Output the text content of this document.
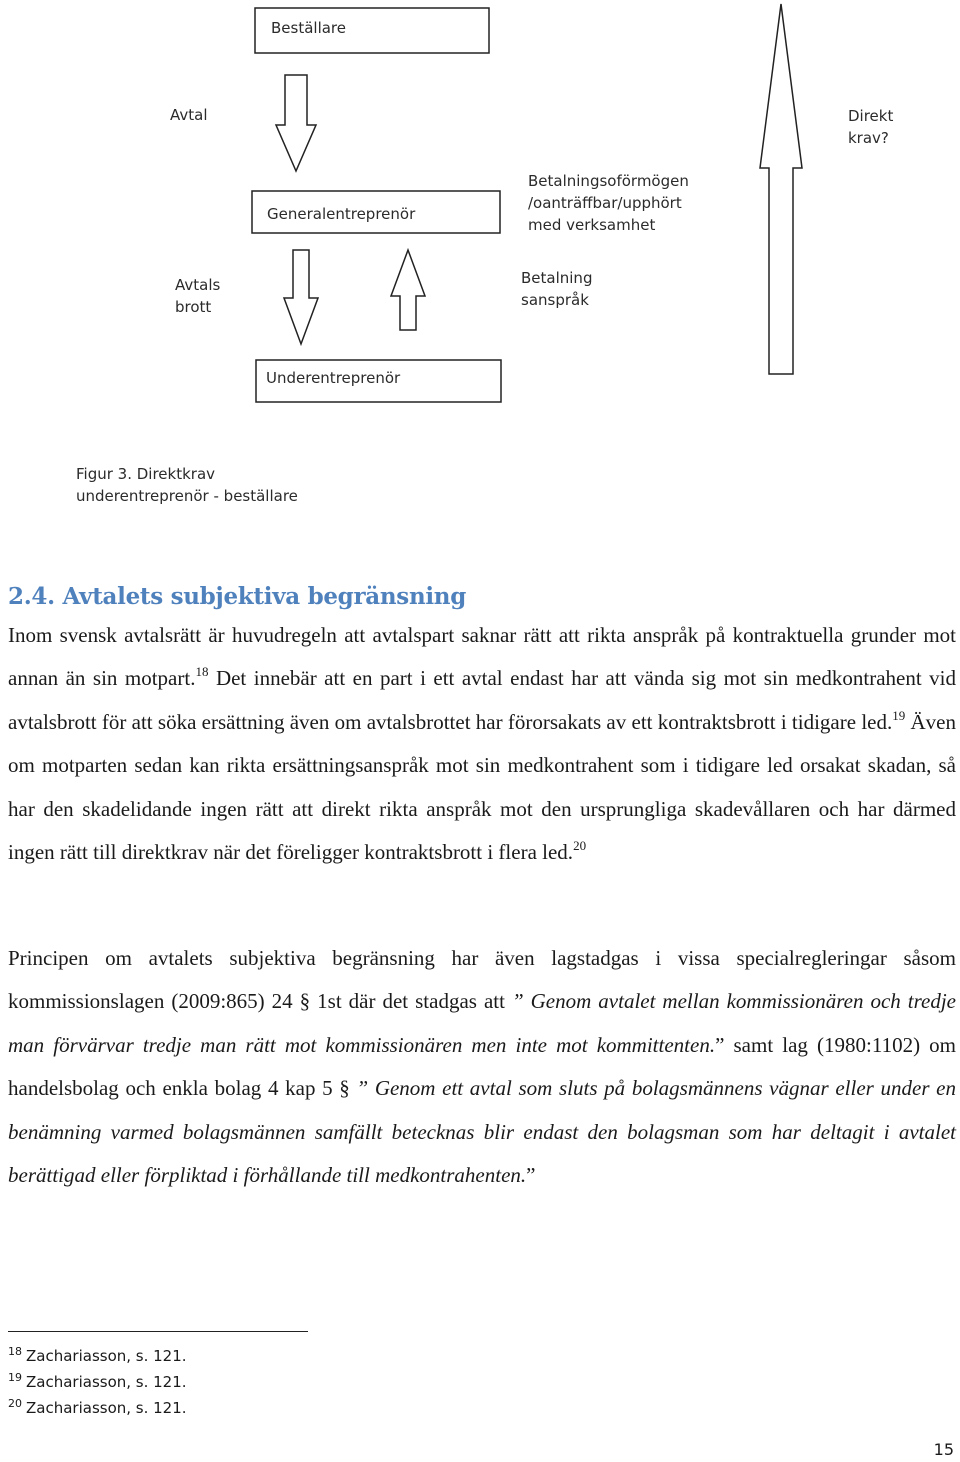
Beställare
Generalentreprenör
Underentreprenör
Avtal
Avtals
brott
Betalning
sanspråk
Betalningsoförmögen
/oanträffbar/upphört
med verksamhet
Direkt
krav?
Figur 3. Direktkrav
underentreprenör - beställare
2.4. Avtalets subjektiva begränsning

Inom svensk avtalsrätt är huvudregeln att avtalspart saknar rätt att rikta anspråk på kontraktuella grunder mot annan än sin motpart.$^{18}$ Det innebär att en part i ett avtal endast har att vända sig mot sin medkontrahent vid avtalsbrott för att söka ersättning även om avtalsbrottet har förorsakats av ett kontraktsbrott i tidigare led.$^{19}$ Även om motparten sedan kan rikta ersättningsanspråk mot sin medkontrahent som i tidigare led orsakat skadan, så har den skadelidande ingen rätt att direkt rikta anspråk mot den ursprungliga skadevållaren och har därmed ingen rätt till direktkrav när det föreligger kontraktsbrott i flera led.$^{20}$

Principen om avtalets subjektiva begränsning har även lagstadgas i vissa specialregleringar såsom kommissionslagen (2009:865) 24 § 1st där det stadgas att ” Genom avtalet mellan kommissionären och tredje man förvärvar tredje man rätt mot kommissionären men inte mot kommittenten.” samt lag (1980:1102) om handelsbolag och enkla bolag 4 kap 5 § ” Genom ett avtal som sluts på bolagsmännens vägnar eller under en benämning varmed bolagsmännen samfällt betecknas blir endast den bolagsman som har deltagit i avtalet berättigad eller förpliktad i förhållande till medkontrahenten.”

$^{18}$ Zachariasson, s. 121.
$^{19}$ Zachariasson, s. 121.
$^{20}$ Zachariasson, s. 121.
15
